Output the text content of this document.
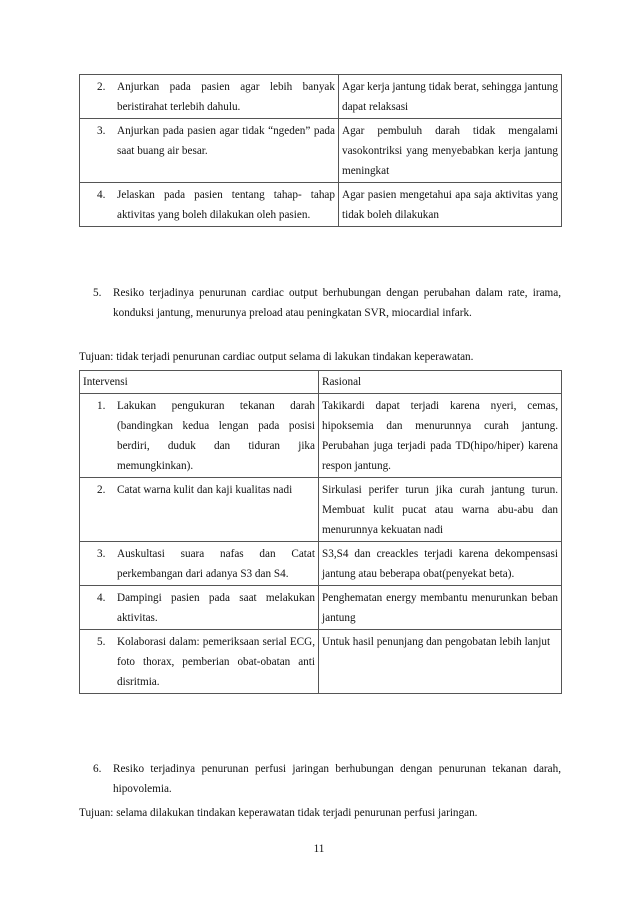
2. Anjurkan pada pasien agar lebih banyak beristirahat terlebih dahulu.	Agar kerja jantung tidak berat, sehingga jantung dapat relaksasi

3. Anjurkan pada pasien agar tidak “ngeden” pada saat buang air besar.	Agar pembuluh darah tidak mengalami vasokontriksi yang menyebabkan kerja jantung meningkat

4. Jelaskan pada pasien tentang tahap- tahap aktivitas yang boleh dilakukan oleh pasien.	Agar pasien mengetahui apa saja aktivitas yang tidak boleh dilakukan
5.	Resiko terjadinya penurunan cardiac output berhubungan dengan perubahan dalam rate, irama, konduksi jantung, menurunya preload atau peningkatan SVR, miocardial infark.
Tujuan: tidak terjadi penurunan cardiac output selama di lakukan tindakan keperawatan.
Intervensi	Rasional

1. Lakukan pengukuran tekanan darah (bandingkan kedua lengan pada posisi berdiri, duduk dan tiduran jika memungkinkan).	Takikardi dapat terjadi karena nyeri, cemas, hipoksemia dan menurunnya curah jantung. Perubahan juga terjadi pada TD(hipo/hiper) karena respon jantung.

2. Catat warna kulit dan kaji kualitas nadi	Sirkulasi perifer turun jika curah jantung turun. Membuat kulit pucat atau warna abu-abu dan menurunnya kekuatan nadi

3. Auskultasi suara nafas dan Catat perkembangan dari adanya S3 dan S4.	S3,S4 dan creackles terjadi karena dekompensasi jantung atau beberapa obat(penyekat beta).

4. Dampingi pasien pada saat melakukan aktivitas.	Penghematan energy membantu menurunkan beban jantung

5. Kolaborasi dalam: pemeriksaan serial ECG, foto thorax, pemberian obat-obatan anti disritmia.	Untuk hasil penunjang dan pengobatan lebih lanjut
6.	Resiko terjadinya penurunan perfusi jaringan berhubungan dengan penurunan tekanan darah, hipovolemia.
Tujuan: selama dilakukan tindakan keperawatan tidak terjadi penurunan perfusi jaringan.
11
